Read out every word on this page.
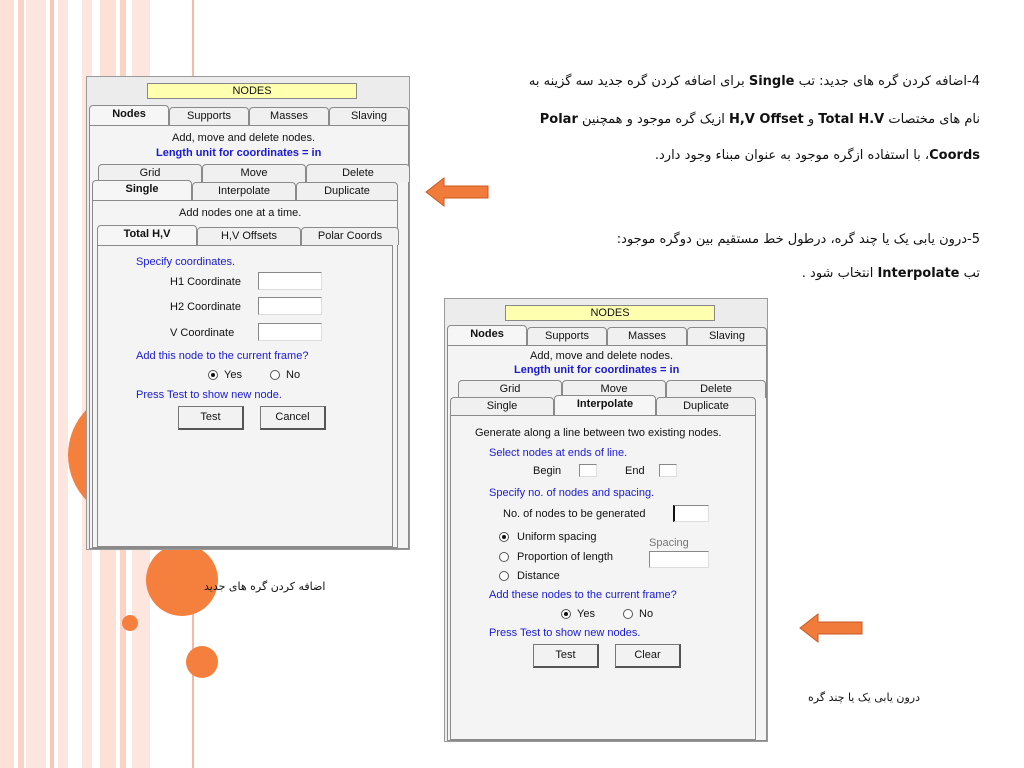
NODES
Nodes	Supports	Masses	Slaving
Add, move and delete nodes.
Length unit for coordinates = in
Grid	Move	Delete
Single	Interpolate	Duplicate
Add nodes one at a time.
Total H,V	H,V Offsets	Polar Coords
Specify coordinates.
H1 Coordinate
H2 Coordinate
V Coordinate
Add this node to the current frame?
Yes	No
Press Test to show new node.
Test	Cancel
NODES
Nodes	Supports	Masses	Slaving
Add, move and delete nodes.
Length unit for coordinates = in
Grid	Move	Delete
Single	Interpolate	Duplicate
Generate along a line between two existing nodes.
Select nodes at ends of line.
Begin	End
Specify no. of nodes and spacing.
No. of nodes to be generated
Uniform spacing	Spacing
Proportion of length
Distance
Add these nodes to the current frame?
Yes	No
Press Test to show new nodes.
Test	Clear
4-اضافه کردن گره های جدید: تب Single برای اضافه کردن گره جدید سه گزینه به
نام های مختصات Total H.V و H,V Offset ازیک گره موجود و همچنین Polar
Coords، با استفاده ازگره موجود به عنوان مبناء وجود دارد.
5-درون یابی یک یا چند گره، درطول خط مستقیم بین دوگره موجود:
تب Interpolate انتخاب شود .
اضافه کردن گره های جدید
درون یابی یک یا چند گره
